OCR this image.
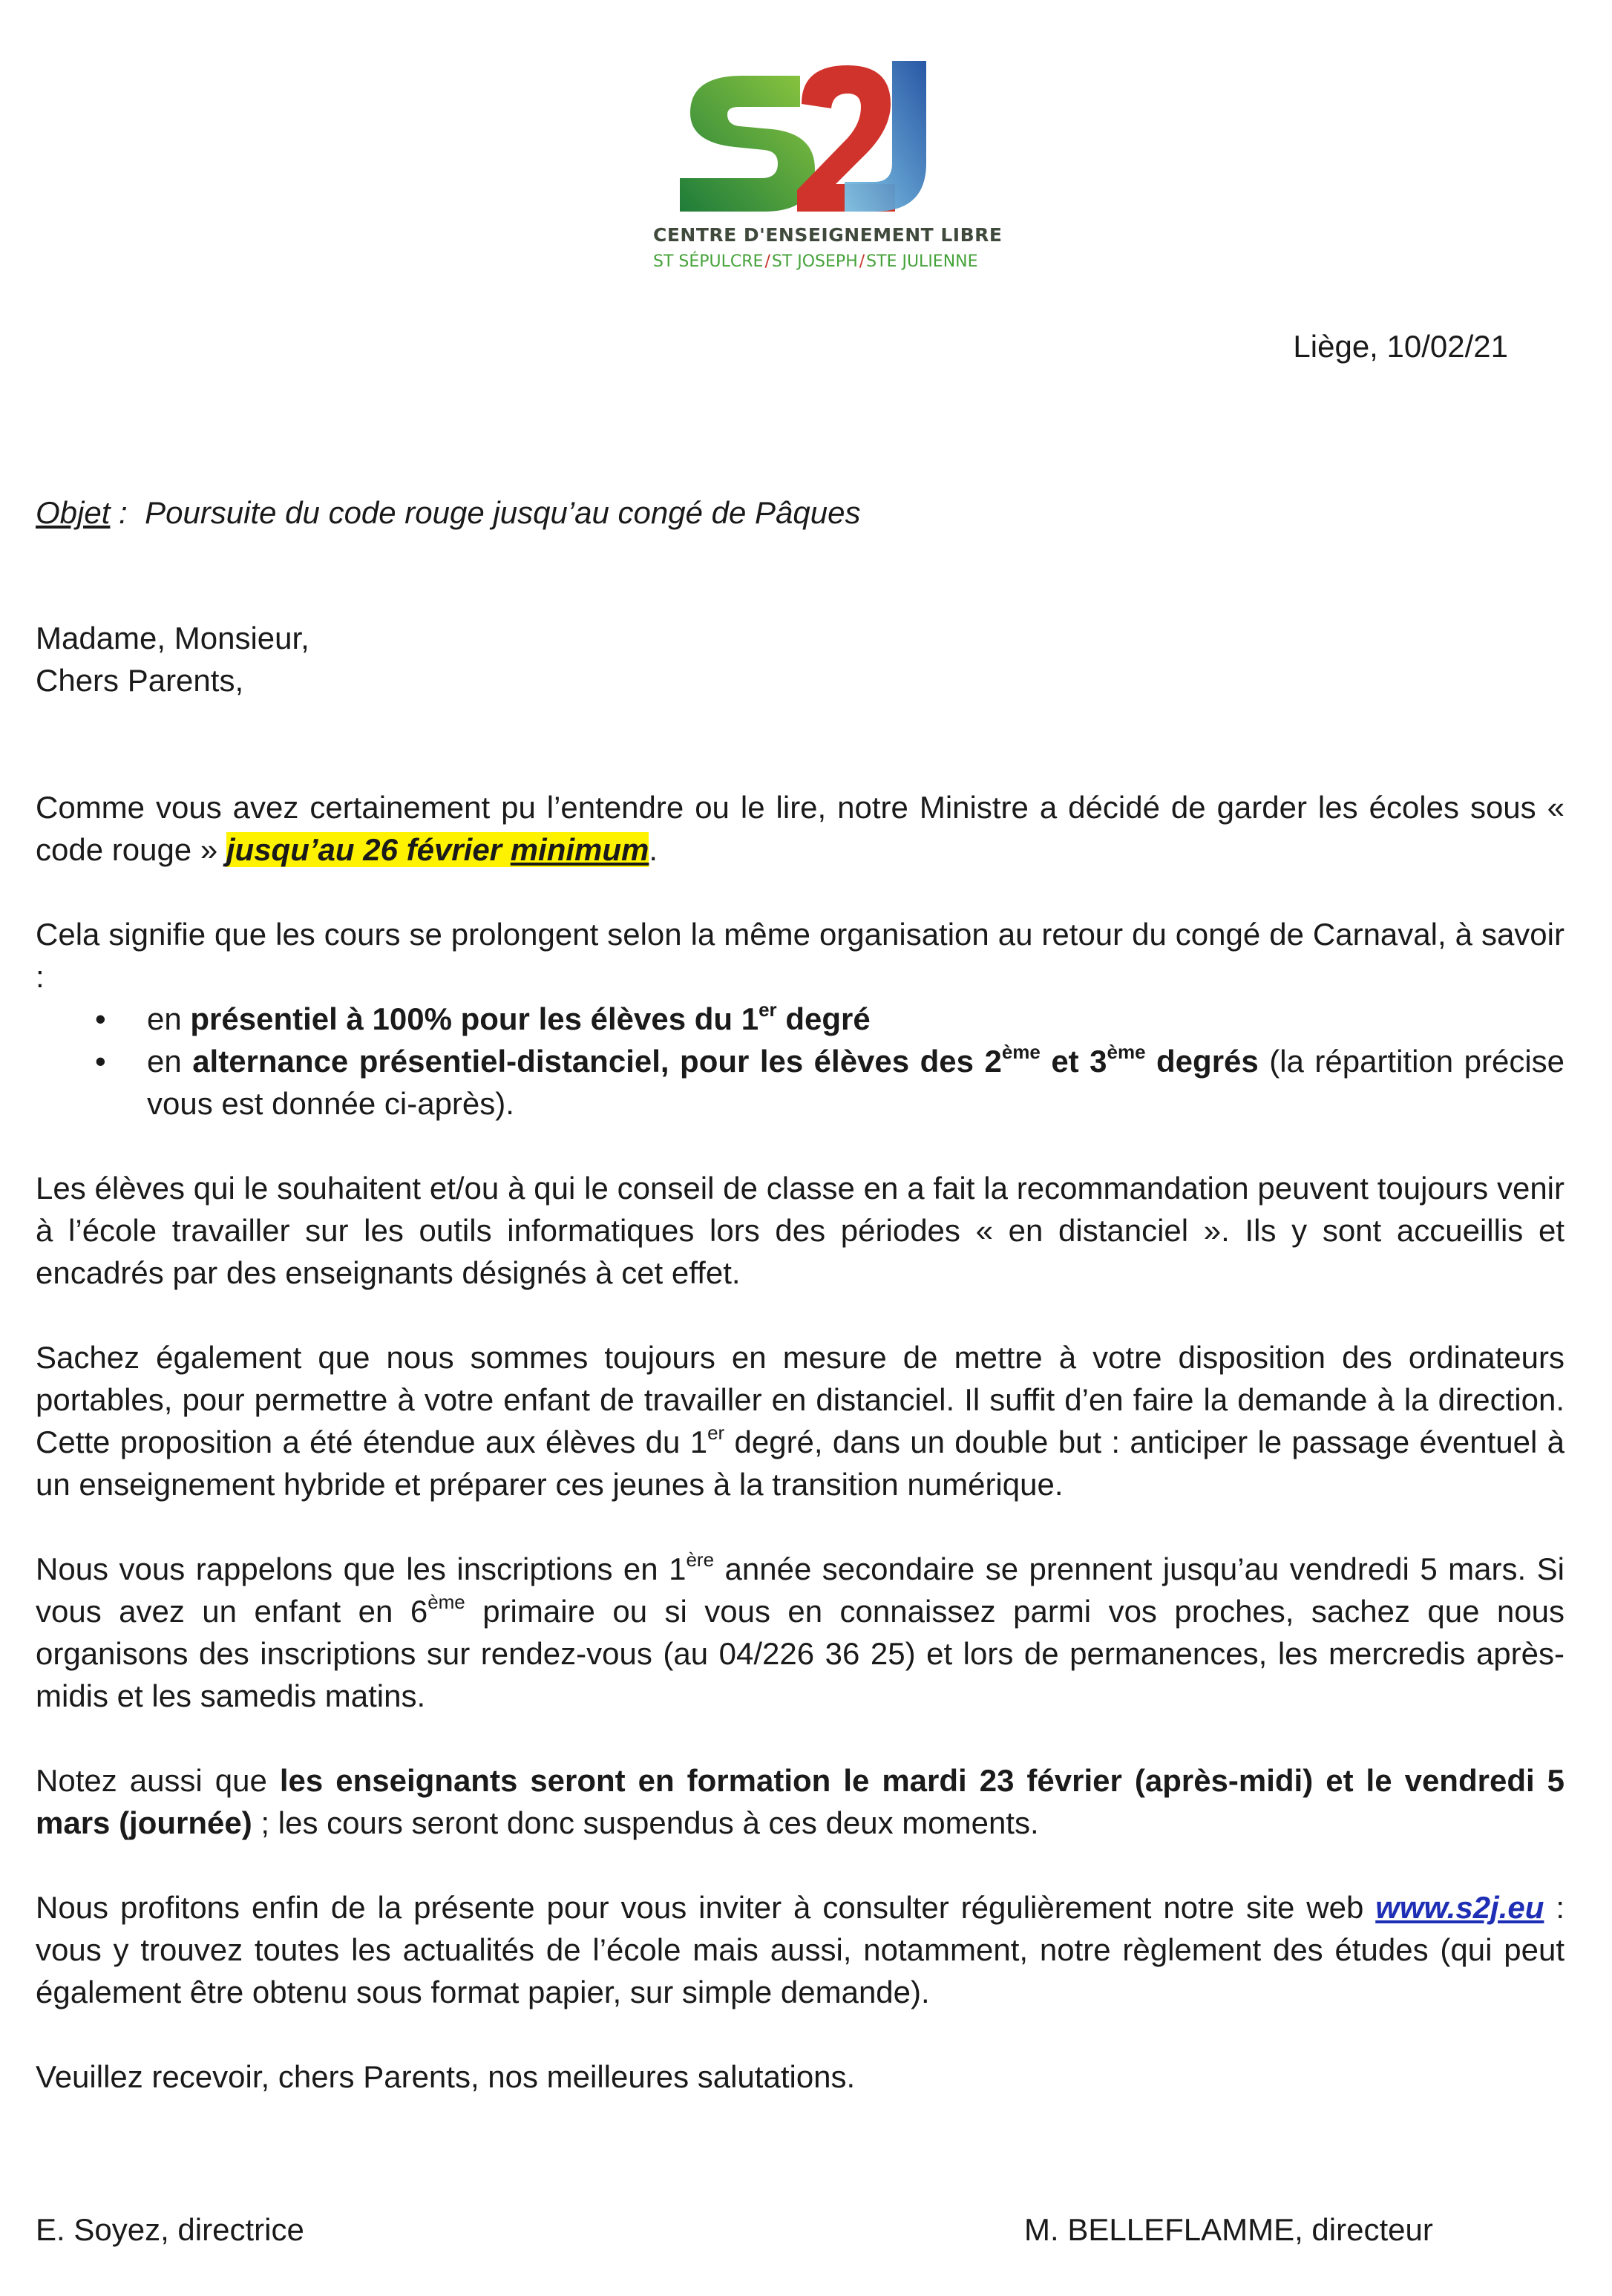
CENTRE D'ENSEIGNEMENT LIBRE
ST SÉPULCRE/ST JOSEPH/STE JULIENNE
Liège, 10/02/21
Objet : Poursuite du code rouge jusqu’au congé de Pâques
Madame, Monsieur,
Chers Parents,

Comme vous avez certainement pu l’entendre ou le lire, notre Ministre a décidé de garder les écoles sous « code rouge » jusqu’au 26 février minimum.

Cela signifie que les cours se prolongent selon la même organisation au retour du congé de Carnaval, à savoir :

• en présentiel à 100% pour les élèves du 1er degré
• en alternance présentiel-distanciel, pour les élèves des 2ème et 3ème degrés (la répartition précise vous est donnée ci-après).

Les élèves qui le souhaitent et/ou à qui le conseil de classe en a fait la recommandation peuvent toujours venir à l’école travailler sur les outils informatiques lors des périodes « en distanciel ». Ils y sont accueillis et encadrés par des enseignants désignés à cet effet.

Sachez également que nous sommes toujours en mesure de mettre à votre disposition des ordinateurs portables, pour permettre à votre enfant de travailler en distanciel. Il suffit d’en faire la demande à la direction. Cette proposition a été étendue aux élèves du 1er degré, dans un double but : anticiper le passage éventuel à un enseignement hybride et préparer ces jeunes à la transition numérique.

Nous vous rappelons que les inscriptions en 1ère année secondaire se prennent jusqu’au vendredi 5 mars. Si vous avez un enfant en 6ème primaire ou si vous en connaissez parmi vos proches, sachez que nous organisons des inscriptions sur rendez-vous (au 04/226 36 25) et lors de permanences, les mercredis après-midis et les samedis matins.

Notez aussi que les enseignants seront en formation le mardi 23 février (après-midi) et le vendredi 5 mars (journée) ; les cours seront donc suspendus à ces deux moments.

Nous profitons enfin de la présente pour vous inviter à consulter régulièrement notre site web www.s2j.eu : vous y trouvez toutes les actualités de l’école mais aussi, notamment, notre règlement des études (qui peut également être obtenu sous format papier, sur simple demande).

Veuillez recevoir, chers Parents, nos meilleures salutations.

E. Soyez, directrice	M. BELLEFLAMME, directeur
